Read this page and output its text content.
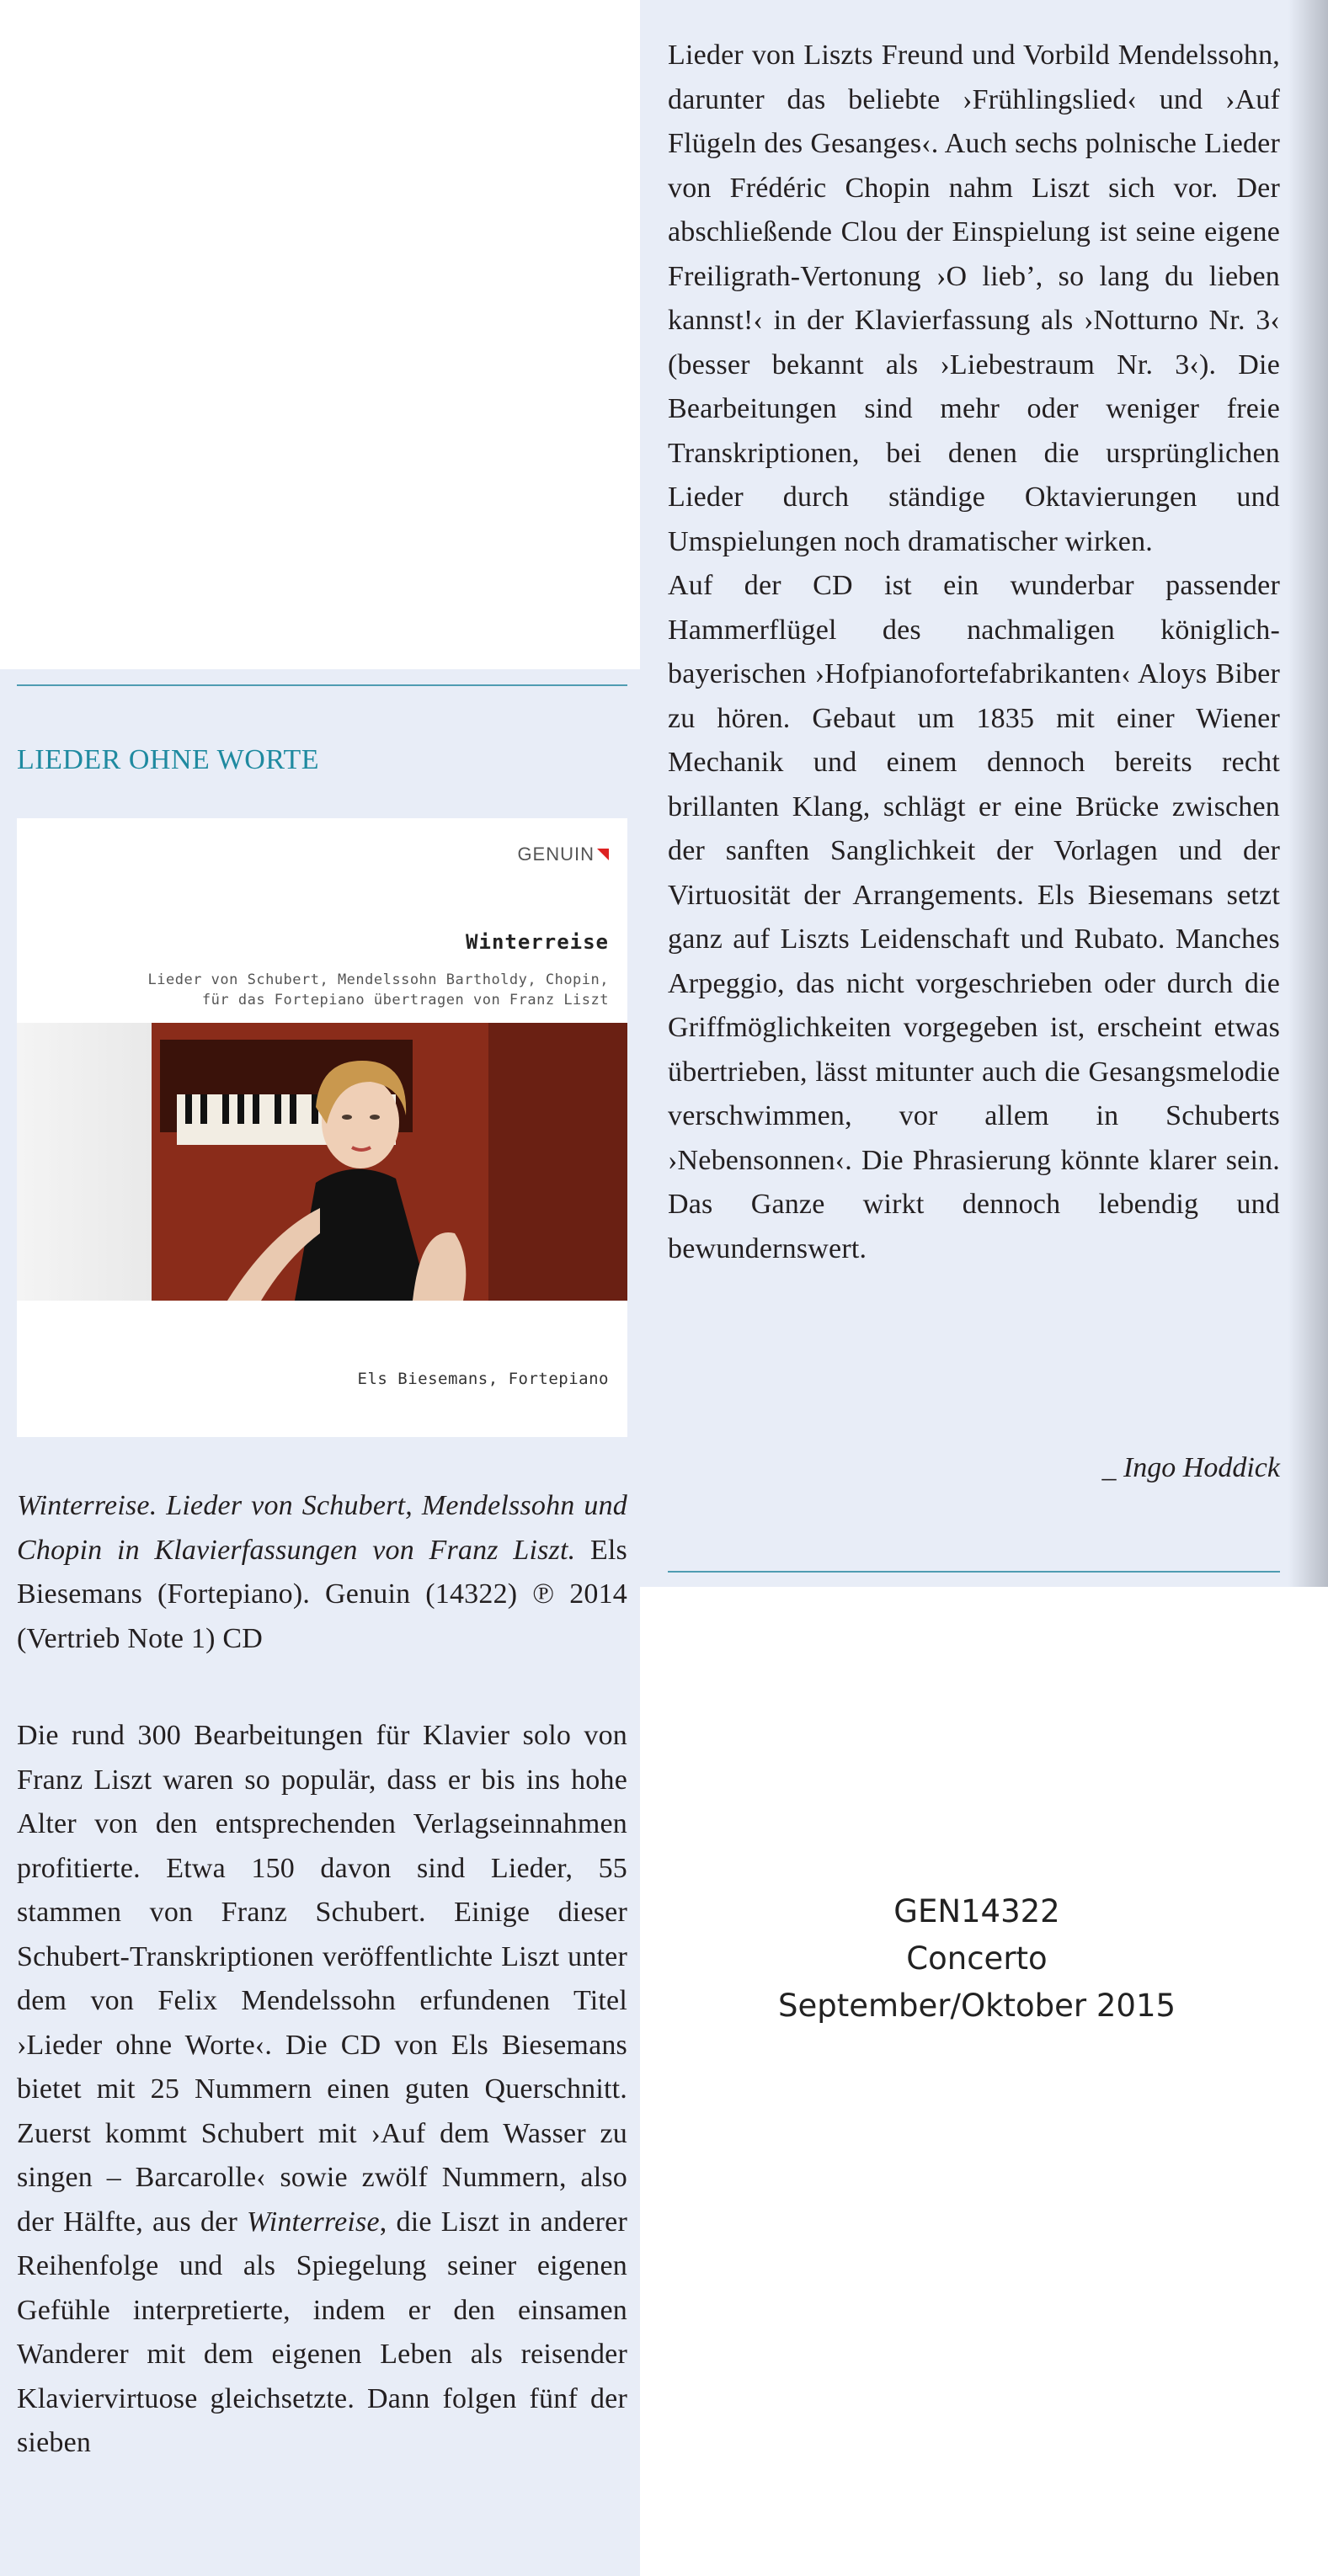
Lieder von Liszts Freund und Vorbild Mendelssohn, darunter das beliebte ›Frühlingslied‹ und ›Auf Flügeln des Gesanges‹. Auch sechs polnische Lieder von Frédéric Chopin nahm Liszt sich vor. Der abschließende Clou der Einspielung ist seine eigene Freiligrath-Vertonung ›O lieb’, so lang du lieben kannst!‹ in der Klavierfassung als ›Notturno Nr. 3‹ (besser bekannt als ›Liebestraum Nr. 3‹). Die Bearbeitungen sind mehr oder weniger freie Transkriptionen, bei denen die ursprünglichen Lieder durch ständige Oktavierungen und Umspielungen noch dramatischer wirken.

Auf der CD ist ein wunderbar passender Hammerflügel des nachmaligen königlich-bayerischen ›Hofpianofortefabrikanten‹ Aloys Biber zu hören. Gebaut um 1835 mit einer Wiener Mechanik und einem dennoch bereits recht brillanten Klang, schlägt er eine Brücke zwischen der sanften Sanglichkeit der Vorlagen und der Virtuosität der Arrangements. Els Biesemans setzt ganz auf Liszts Leidenschaft und Rubato. Manches Arpeggio, das nicht vorgeschrieben oder durch die Griffmöglichkeiten vorgegeben ist, erscheint etwas übertrieben, lässt mitunter auch die Gesangsmelodie verschwimmen, vor allem in Schuberts ›Nebensonnen‹. Die Phrasierung könnte klarer sein. Das Ganze wirkt dennoch lebendig und bewundernswert.

_ Ingo Hoddick
LIEDER OHNE WORTE
GENUIN
Winterreise
Lieder von Schubert, Mendelssohn Bartholdy, Chopin,
für das Fortepiano übertragen von Franz Liszt
Els Biesemans, Fortepiano

Winterreise. Lieder von Schubert, Mendelssohn und Chopin in Klavierfassungen von Franz Liszt. Els Biesemans (Fortepiano). Genuin (14322) ℗ 2014 (Vertrieb Note 1) CD

Die rund 300 Bearbeitungen für Klavier solo von Franz Liszt waren so populär, dass er bis ins hohe Alter von den entsprechenden Verlagseinnahmen profitierte. Etwa 150 davon sind Lieder, 55 stammen von Franz Schubert. Einige dieser Schubert-Transkriptionen veröffentlichte Liszt unter dem von Felix Mendelssohn erfundenen Titel ›Lieder ohne Worte‹. Die CD von Els Biesemans bietet mit 25 Nummern einen guten Querschnitt. Zuerst kommt Schubert mit ›Auf dem Wasser zu singen – Barcarolle‹ sowie zwölf Nummern, also der Hälfte, aus der Winterreise, die Liszt in anderer Reihenfolge und als Spiegelung seiner eigenen Gefühle interpretierte, indem er den einsamen Wanderer mit dem eigenen Leben als reisender Klaviervirtuose gleichsetzte. Dann folgen fünf der sieben

GEN14322
Concerto
September/Oktober 2015
